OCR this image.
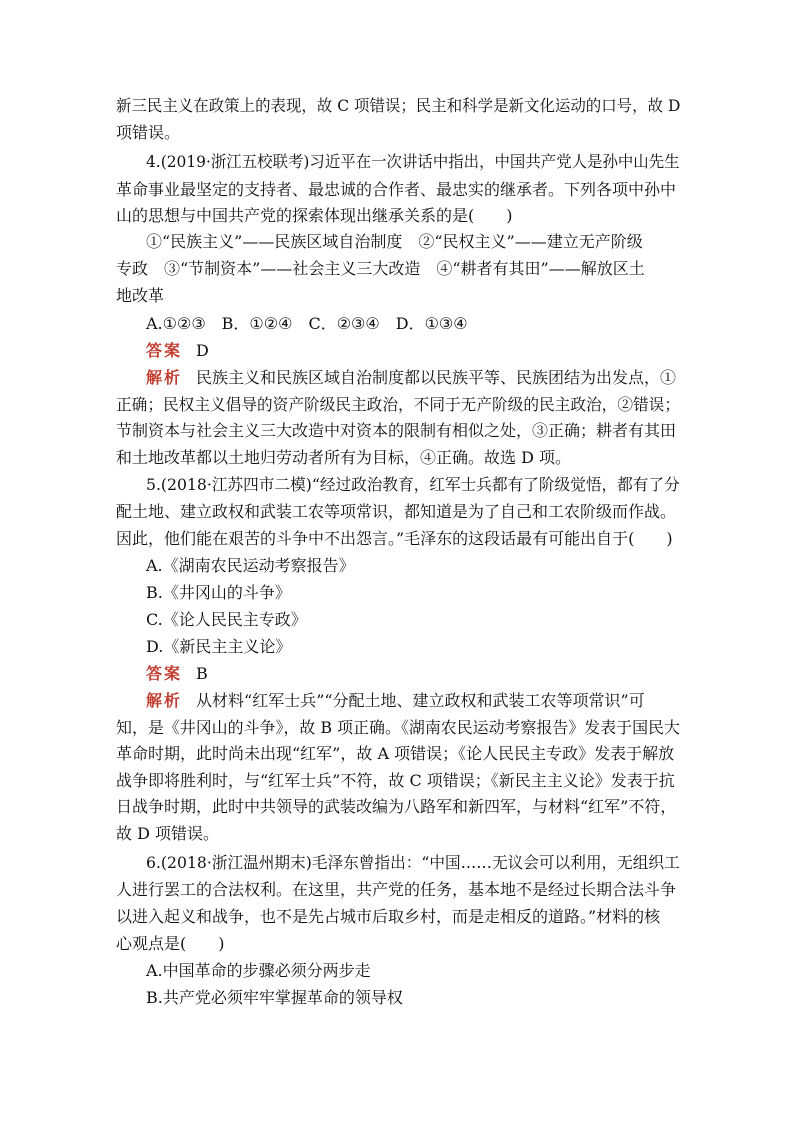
新三民主义在政策上的表现，故 C 项错误；民主和科学是新文化运动的口号，故 D
项错误。
4.(2019·浙江五校联考)习近平在一次讲话中指出，中国共产党人是孙中山先生
革命事业最坚定的支持者、最忠诚的合作者、最忠实的继承者。下列各项中孙中
山的思想与中国共产党的探索体现出继承关系的是(　　)
①“民族主义”——民族区域自治制度　②“民权主义”——建立无产阶级
专政　③“节制资本”——社会主义三大改造　④“耕者有其田”——解放区土
地改革
A.①②③　B．①②④　C．②③④　D．①③④
答案 D
解析 民族主义和民族区域自治制度都以民族平等、民族团结为出发点，①
正确；民权主义倡导的资产阶级民主政治，不同于无产阶级的民主政治，②错误；
节制资本与社会主义三大改造中对资本的限制有相似之处，③正确；耕者有其田
和土地改革都以土地归劳动者所有为目标，④正确。故选 D 项。
5.(2018·江苏四市二模)“经过政治教育，红军士兵都有了阶级觉悟，都有了分
配土地、建立政权和武装工农等项常识，都知道是为了自己和工农阶级而作战。
因此，他们能在艰苦的斗争中不出怨言。”毛泽东的这段话最有可能出自于(　　)
A.《湖南农民运动考察报告》
B.《井冈山的斗争》
C.《论人民民主专政》
D.《新民主主义论》
答案 B
解析 从材料“红军士兵”“分配土地、建立政权和武装工农等项常识”可
知，是《井冈山的斗争》，故 B 项正确。《湖南农民运动考察报告》发表于国民大
革命时期，此时尚未出现“红军”，故 A 项错误；《论人民民主专政》发表于解放
战争即将胜利时，与“红军士兵”不符，故 C 项错误；《新民主主义论》发表于抗
日战争时期，此时中共领导的武装改编为八路军和新四军，与材料“红军”不符，
故 D 项错误。
6.(2018·浙江温州期末)毛泽东曾指出：“中国……无议会可以利用，无组织工
人进行罢工的合法权利。在这里，共产党的任务，基本地不是经过长期合法斗争
以进入起义和战争，也不是先占城市后取乡村，而是走相反的道路。”材料的核
心观点是(　　)
A.中国革命的步骤必须分两步走
B.共产党必须牢牢掌握革命的领导权
